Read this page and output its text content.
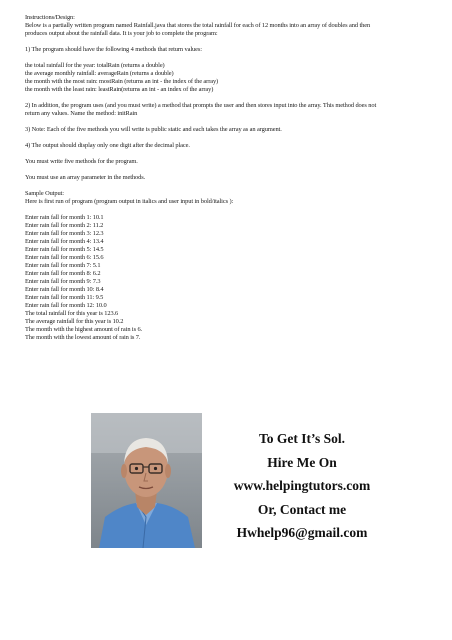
Instructions/Design:
Below is a partially written program named Rainfall.java that stores the total rainfall for each of 12 months into an array of doubles and then
produces output about the rainfall data. It is your job to complete the program:
1) The program should have the following 4 methods that return values:
the total rainfall for the year: totalRain (returns a double)
the average monthly rainfall: averageRain (returns a double)
the month with the most rain: mostRain (returns an int - the index of the array)
the month with the least rain: leastRain(returns an int - an index of the array)
2) In addition, the program uses (and you must write) a method that prompts the user and then stores input into the array. This method does not
return any values. Name the method: initRain
3) Note: Each of the five methods you will write is public static and each takes the array as an argument.
4) The output should display only one digit after the decimal place.
You must write five methods for the program.
You must use an array parameter in the methods.
Sample Output:
Here is first run of program (program output in italics and user input in bold/italics ):
Enter rain fall for month 1: 10.1
Enter rain fall for month 2: 11.2
Enter rain fall for month 3: 12.3
Enter rain fall for month 4: 13.4
Enter rain fall for month 5: 14.5
Enter rain fall for month 6: 15.6
Enter rain fall for month 7: 5.1
Enter rain fall for month 8: 6.2
Enter rain fall for month 9: 7.3
Enter rain fall for month 10: 8.4
Enter rain fall for month 11: 9.5
Enter rain fall for month 12: 10.0
The total rainfall for this year is 123.6
The average rainfall for this year is 10.2
The month with the highest amount of rain is 6.
The month with the lowest amount of rain is 7.
To Get It’s Sol.
Hire Me On
www.helpingtutors.com
Or, Contact me
Hwhelp96@gmail.com
